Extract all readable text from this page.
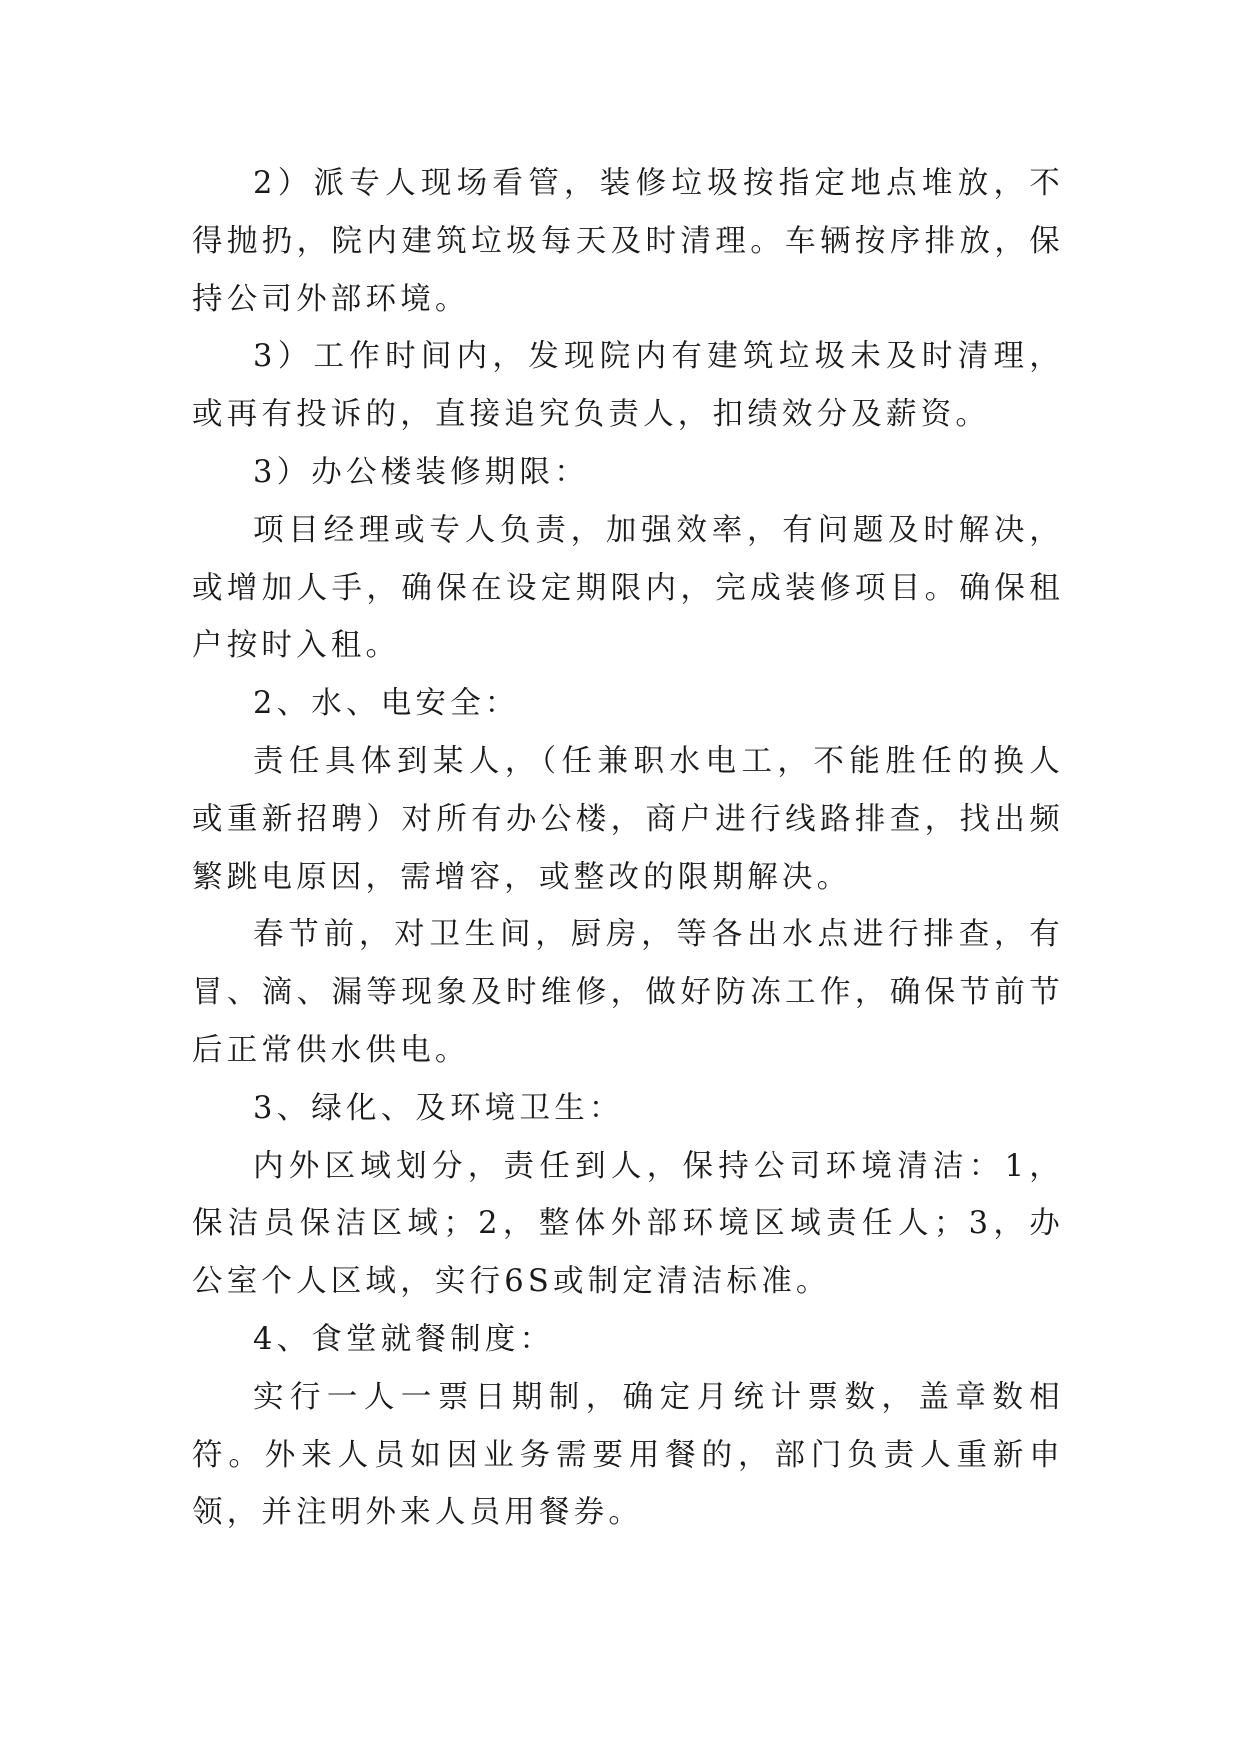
2）派专人现场看管，装修垃圾按指定地点堆放，不得抛扔，院内建筑垃圾每天及时清理。车辆按序排放，保持公司外部环境。

3）工作时间内，发现院内有建筑垃圾未及时清理，或再有投诉的，直接追究负责人，扣绩效分及薪资。

3）办公楼装修期限：

项目经理或专人负责，加强效率，有问题及时解决，或增加人手，确保在设定期限内，完成装修项目。确保租户按时入租。

2、水、电安全：

责任具体到某人，（任兼职水电工，不能胜任的换人或重新招聘）对所有办公楼，商户进行线路排查，找出频繁跳电原因，需增容，或整改的限期解决。

春节前，对卫生间，厨房，等各出水点进行排查，有冒、滴、漏等现象及时维修，做好防冻工作，确保节前节后正常供水供电。

3、绿化、及环境卫生：

内外区域划分，责任到人，保持公司环境清洁：1，保洁员保洁区域；2，整体外部环境区域责任人；3，办公室个人区域，实行6S或制定清洁标准。

4、食堂就餐制度：

实行一人一票日期制，确定月统计票数，盖章数相符。外来人员如因业务需要用餐的，部门负责人重新申领，并注明外来人员用餐券。
